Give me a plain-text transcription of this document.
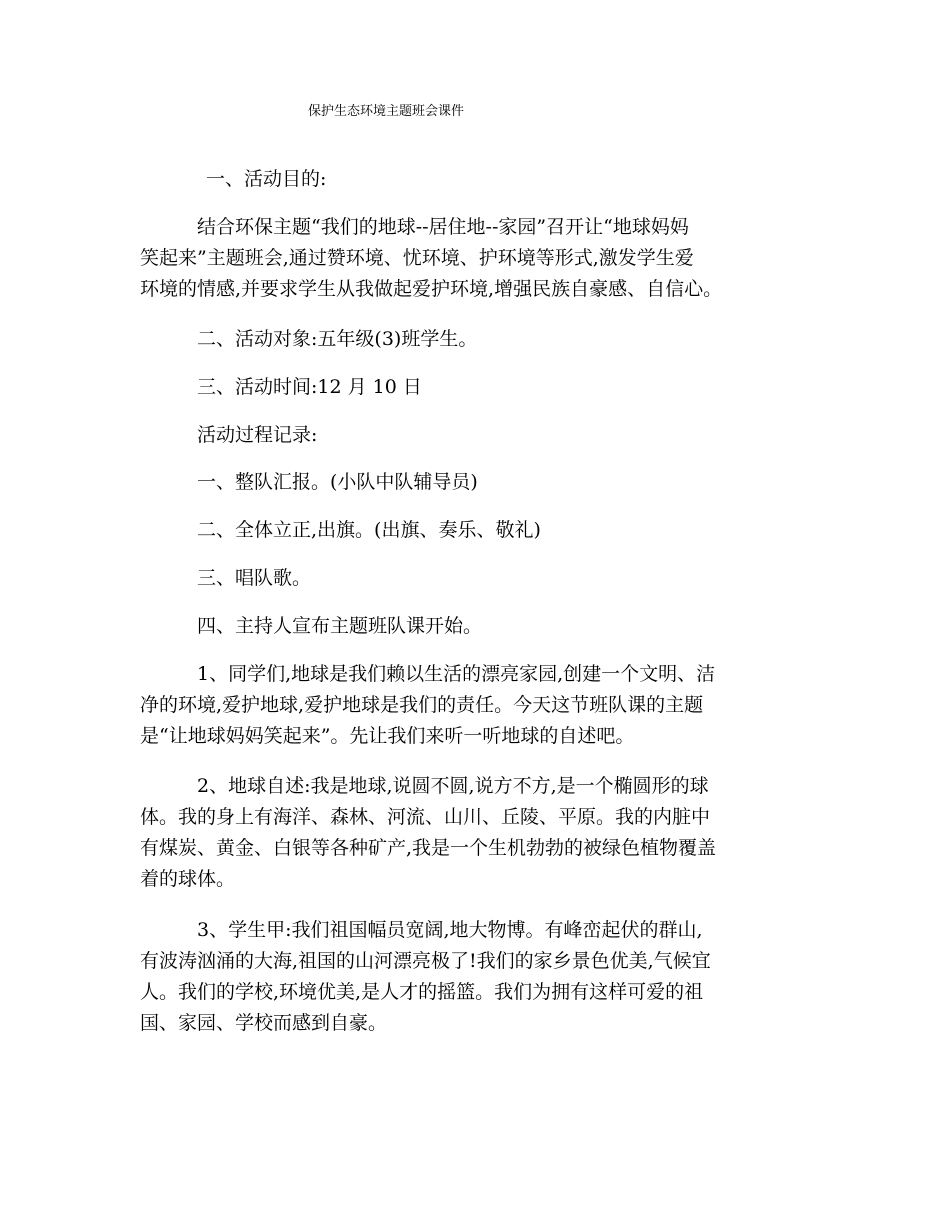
保护生态环境主题班会课件

一、活动目的:

结合环保主题“我们的地球--居住地--家园”召开让“地球妈妈
笑起来”主题班会,通过赞环境、忧环境、护环境等形式,激发学生爱
环境的情感,并要求学生从我做起爱护环境,增强民族自豪感、自信心。

二、活动对象:五年级(3)班学生。

三、活动时间:12 月 10 日

活动过程记录:

一、整队汇报。(小队中队辅导员)

二、全体立正,出旗。(出旗、奏乐、敬礼)

三、唱队歌。

四、主持人宣布主题班队课开始。

1、同学们,地球是我们赖以生活的漂亮家园,创建一个文明、洁
净的环境,爱护地球,爱护地球是我们的责任。今天这节班队课的主题
是“让地球妈妈笑起来”。先让我们来听一听地球的自述吧。

2、地球自述:我是地球,说圆不圆,说方不方,是一个椭圆形的球
体。我的身上有海洋、森林、河流、山川、丘陵、平原。我的内脏中
有煤炭、黄金、白银等各种矿产,我是一个生机勃勃的被绿色植物覆盖
着的球体。

3、学生甲:我们祖国幅员宽阔,地大物博。有峰峦起伏的群山,
有波涛汹涌的大海,祖国的山河漂亮极了!我们的家乡景色优美,气候宜
人。我们的学校,环境优美,是人才的摇篮。我们为拥有这样可爱的祖
国、家园、学校而感到自豪。
